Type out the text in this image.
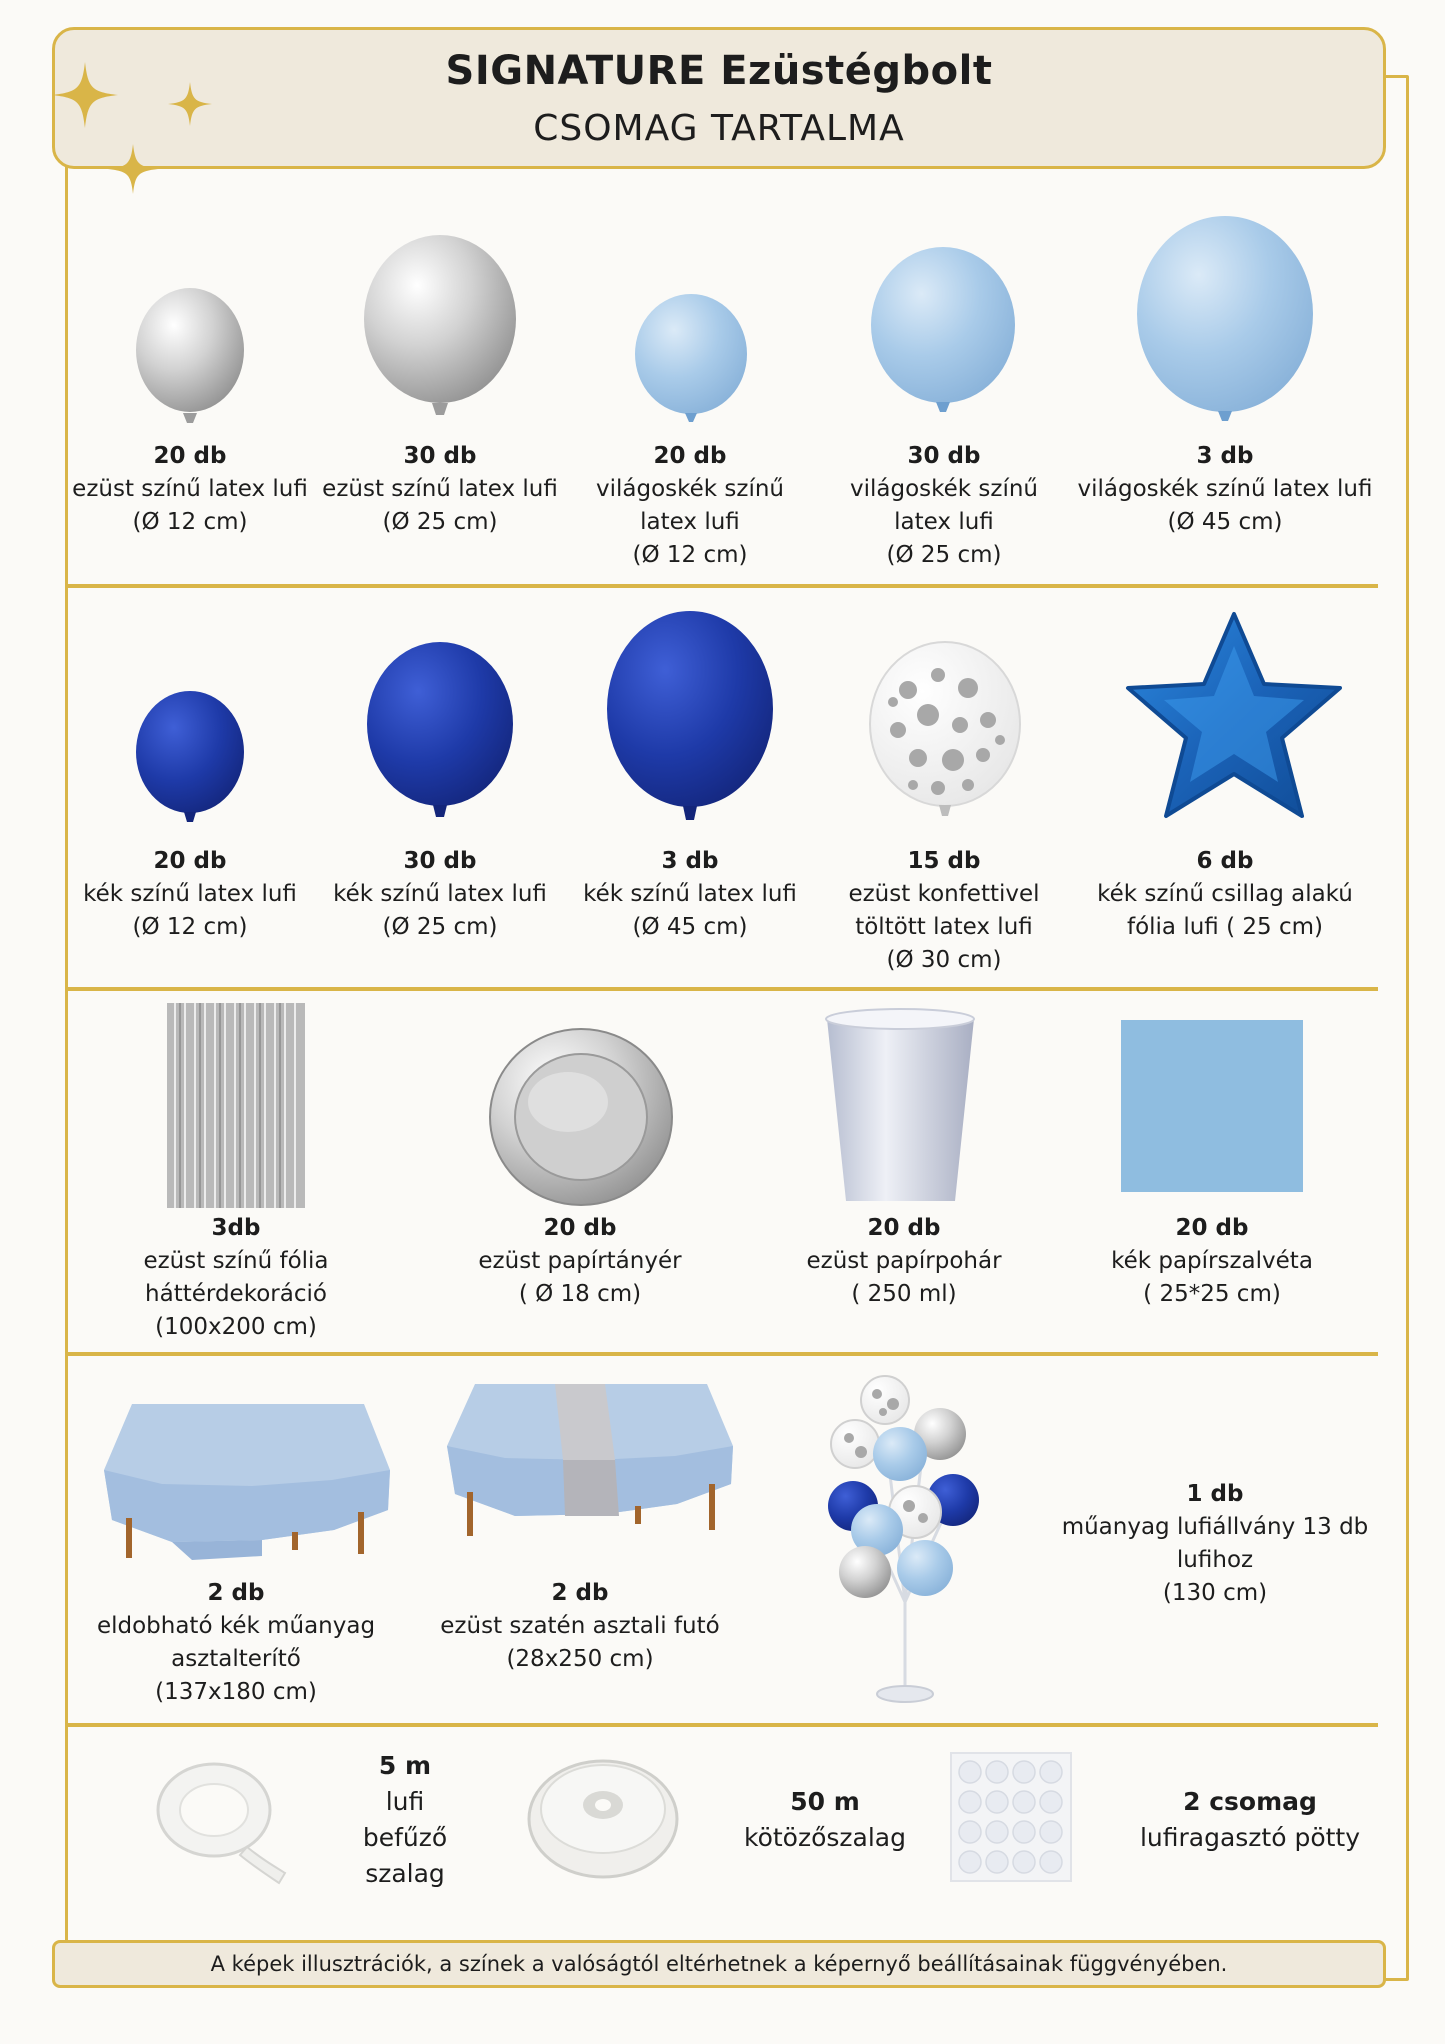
SIGNATURE Ezüstégbolt
CSOMAG TARTALMA
20 db
ezüst színű latex lufi
(Ø 12 cm)
30 db
ezüst színű latex lufi
(Ø 25 cm)
20 db
világoskék színű
latex lufi
(Ø 12 cm)
30 db
világoskék színű
latex lufi
(Ø 25 cm)
3 db
világoskék színű latex lufi
(Ø 45 cm)
20 db
kék színű latex lufi
(Ø 12 cm)
30 db
kék színű latex lufi
(Ø 25 cm)
3 db
kék színű latex lufi
(Ø 45 cm)
15 db
ezüst konfettivel
töltött latex lufi
(Ø 30 cm)
6 db
kék színű csillag alakú
fólia lufi ( 25 cm)
3db
ezüst színű fólia
háttérdekoráció
(100x200 cm)
20 db
ezüst papírtányér
( Ø 18 cm)
20 db
ezüst papírpohár
( 250 ml)
20 db
kék papírszalvéta
( 25*25 cm)
2 db
eldobható kék műanyag
asztalterítő
(137x180 cm)
2 db
ezüst szatén asztali futó
(28x250 cm)
1 db
műanyag lufiállvány 13 db
lufihoz
(130 cm)
5 m
lufi
befűző
szalag
50 m
kötözőszalag
2 csomag
lufiragasztó pötty
A képek illusztrációk, a színek a valóságtól eltérhetnek a képernyő beállításainak függvényében.
